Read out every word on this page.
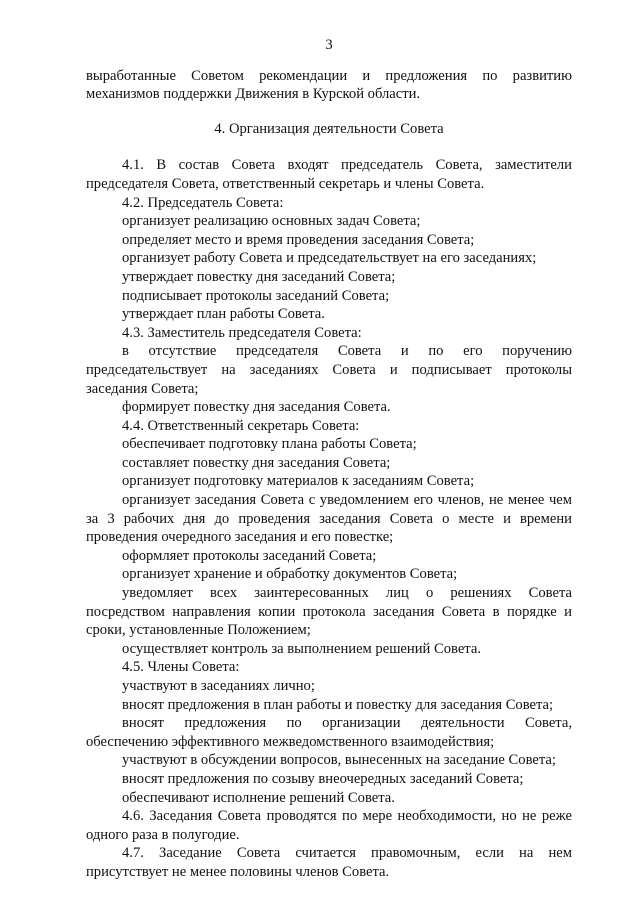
3

выработанные Советом рекомендации и предложения по развитию механизмов поддержки Движения в Курской области.

4. Организация деятельности Совета

4.1. В состав Совета входят председатель Совета, заместители председателя Совета, ответственный секретарь и члены Совета.

4.2. Председатель Совета:

организует реализацию основных задач Совета;

определяет место и время проведения заседания Совета;

организует работу Совета и председательствует на его заседаниях;

утверждает повестку дня заседаний Совета;

подписывает протоколы заседаний Совета;

утверждает план работы Совета.

4.3. Заместитель председателя Совета:

в отсутствие председателя Совета и по его поручению председательствует на заседаниях Совета и подписывает протоколы заседания Совета;

формирует повестку дня заседания Совета.

4.4. Ответственный секретарь Совета:

обеспечивает подготовку плана работы Совета;

составляет повестку дня заседания Совета;

организует подготовку материалов к заседаниям Совета;

организует заседания Совета с уведомлением его членов, не менее чем за 3 рабочих дня до проведения заседания Совета о месте и времени проведения очередного заседания и его повестке;

оформляет протоколы заседаний Совета;

организует хранение и обработку документов Совета;

уведомляет всех заинтересованных лиц о решениях Совета посредством направления копии протокола заседания Совета в порядке и сроки, установленные Положением;

осуществляет контроль за выполнением решений Совета.

4.5. Члены Совета:

участвуют в заседаниях лично;

вносят предложения в план работы и повестку для заседания Совета;

вносят предложения по организации деятельности Совета, обеспечению эффективного межведомственного взаимодействия;

участвуют в обсуждении вопросов, вынесенных на заседание Совета;

вносят предложения по созыву внеочередных заседаний Совета;

обеспечивают исполнение решений Совета.

4.6. Заседания Совета проводятся по мере необходимости, но не реже одного раза в полугодие.

4.7. Заседание Совета считается правомочным, если на нем присутствует не менее половины членов Совета.
